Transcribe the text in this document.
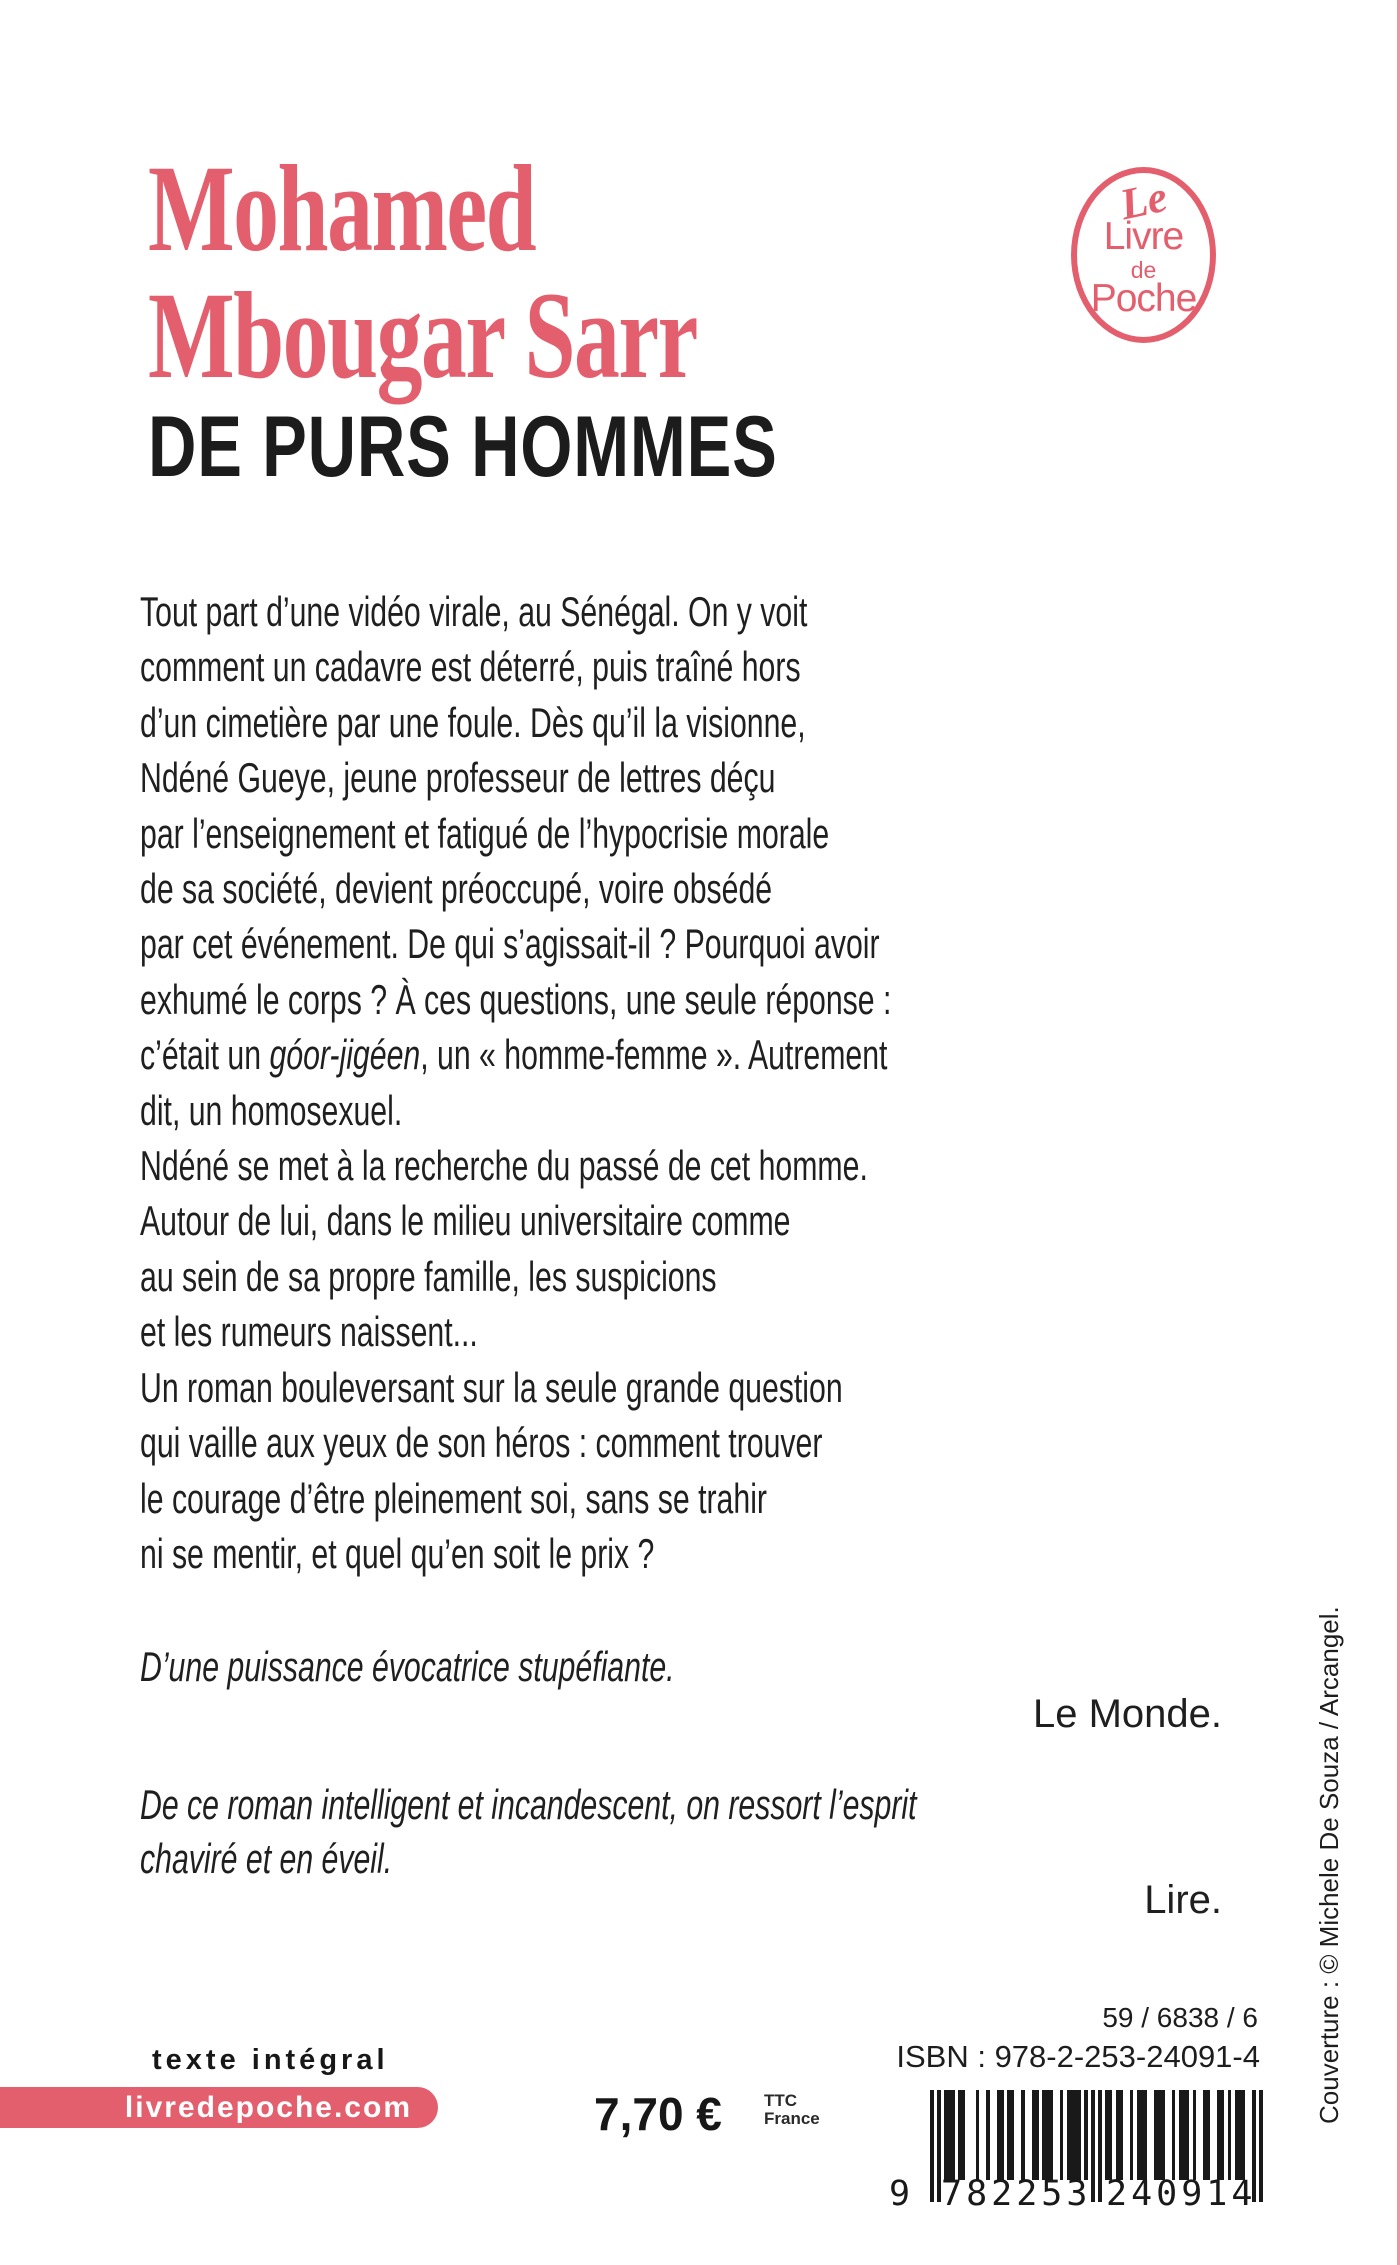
Mohamed
Mbougar Sarr
Le
Livre
de
Poche
DE PURS HOMMES
Tout part d’une vidéo virale, au Sénégal. On y voit
comment un cadavre est déterré, puis traîné hors
d’un cimetière par une foule. Dès qu’il la visionne,
Ndéné Gueye, jeune professeur de lettres déçu
par l’enseignement et fatigué de l’hypocrisie morale
de sa société, devient préoccupé, voire obsédé
par cet événement. De qui s’agissait-il ? Pourquoi avoir
exhumé le corps ? À ces questions, une seule réponse :
c’était un góor-jigéen, un « homme-femme ». Autrement
dit, un homosexuel.
Ndéné se met à la recherche du passé de cet homme.
Autour de lui, dans le milieu universitaire comme
au sein de sa propre famille, les suspicions
et les rumeurs naissent...
Un roman bouleversant sur la seule grande question
qui vaille aux yeux de son héros : comment trouver
le courage d’être pleinement soi, sans se trahir
ni se mentir, et quel qu’en soit le prix ?
D’une puissance évocatrice stupéfiante.
Le Monde.
De ce roman intelligent et incandescent, on ressort l’esprit
chaviré et en éveil.
Lire.	Couverture : © Michele De Souza / Arcangel.
texte intégral
livredepoche.com	7,70 € TTC
France
59 / 6838 / 6
ISBN : 978-2-253-24091-4
9 782253 240914
